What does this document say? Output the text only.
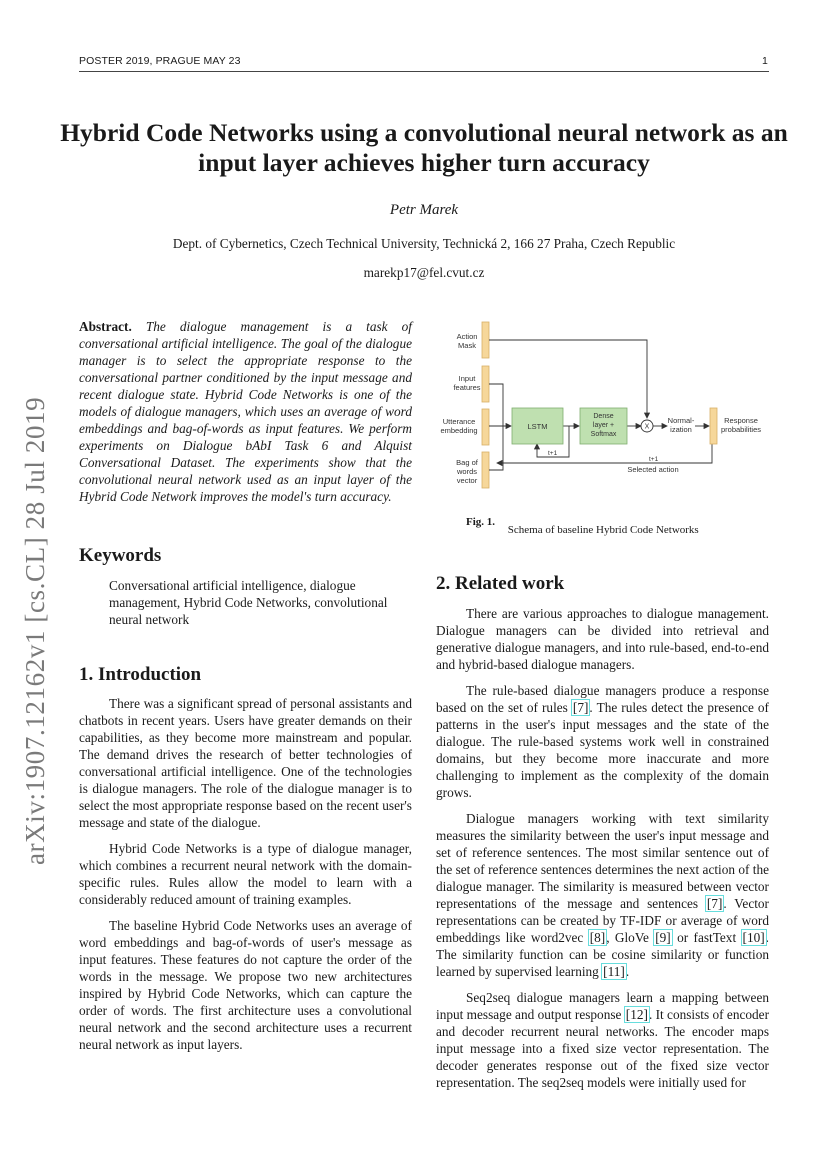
POSTER 2019, PRAGUE MAY 23	1
Hybrid Code Networks using a convolutional neural network as an input layer achieves higher turn accuracy
Petr Marek
Dept. of Cybernetics, Czech Technical University, Technická 2, 166 27 Praha, Czech Republic
marekp17@fel.cvut.cz
arXiv:1907.12162v1 [cs.CL] 28 Jul 2019
Abstract. The dialogue management is a task of conversational artificial intelligence. The goal of the dialogue manager is to select the appropriate response to the conversational partner conditioned by the input message and recent dialogue state. Hybrid Code Networks is one of the models of dialogue managers, which uses an average of word embeddings and bag-of-words as input features. We perform experiments on Dialogue bAbI Task 6 and Alquist Conversational Dataset. The experiments show that the convolutional neural network used as an input layer of the Hybrid Code Network improves the model's turn accuracy.
Keywords
Conversational artificial intelligence, dialogue management, Hybrid Code Networks, convolutional neural network
1. Introduction

There was a significant spread of personal assistants and chatbots in recent years. Users have greater demands on their capabilities, as they become more mainstream and popular. The demand drives the research of better technologies of conversational artificial intelligence. One of the technologies is dialogue managers. The role of the dialogue manager is to select the most appropriate response based on the recent user's message and state of the dialogue.

Hybrid Code Networks is a type of dialogue manager, which combines a recurrent neural network with the domain-specific rules. Rules allow the model to learn with a considerably reduced amount of training examples.

The baseline Hybrid Code Networks uses an average of word embeddings and bag-of-words of user's message as input features. These features do not capture the order of the words in the message. We propose two new architectures inspired by Hybrid Code Networks, which can capture the order of words. The first architecture uses a convolutional neural network and the second architecture uses a recurrent neural network as input layers.

Action
Mask
Input
features
Utterance
embedding
Bag of
words
vector
LSTM
Dense
layer +
Softmax
X
Normal-
ization
Response
probabilities
t+1
t+1
Selected action
Fig. 1. Schema of baseline Hybrid Code Networks
2. Related work

There are various approaches to dialogue management. Dialogue managers can be divided into retrieval and generative dialogue managers, and into rule-based, end-to-end and hybrid-based dialogue managers.

The rule-based dialogue managers produce a response based on the set of rules [7]. The rules detect the presence of patterns in the user's input messages and the state of the dialogue. The rule-based systems work well in constrained domains, but they become more inaccurate and more challenging to implement as the complexity of the domain grows.

Dialogue managers working with text similarity measures the similarity between the user's input message and set of reference sentences. The most similar sentence out of the set of reference sentences determines the next action of the dialogue manager. The similarity is measured between vector representations of the message and sentences [7]. Vector representations can be created by TF-IDF or average of word embeddings like word2vec [8], GloVe [9] or fastText [10]. The similarity function can be cosine similarity or function learned by supervised learning [11].

Seq2seq dialogue managers learn a mapping between input message and output response [12]. It consists of encoder and decoder recurrent neural networks. The encoder maps input message into a fixed size vector representation. The decoder generates response out of the fixed size vector representation. The seq2seq models were initially used for
